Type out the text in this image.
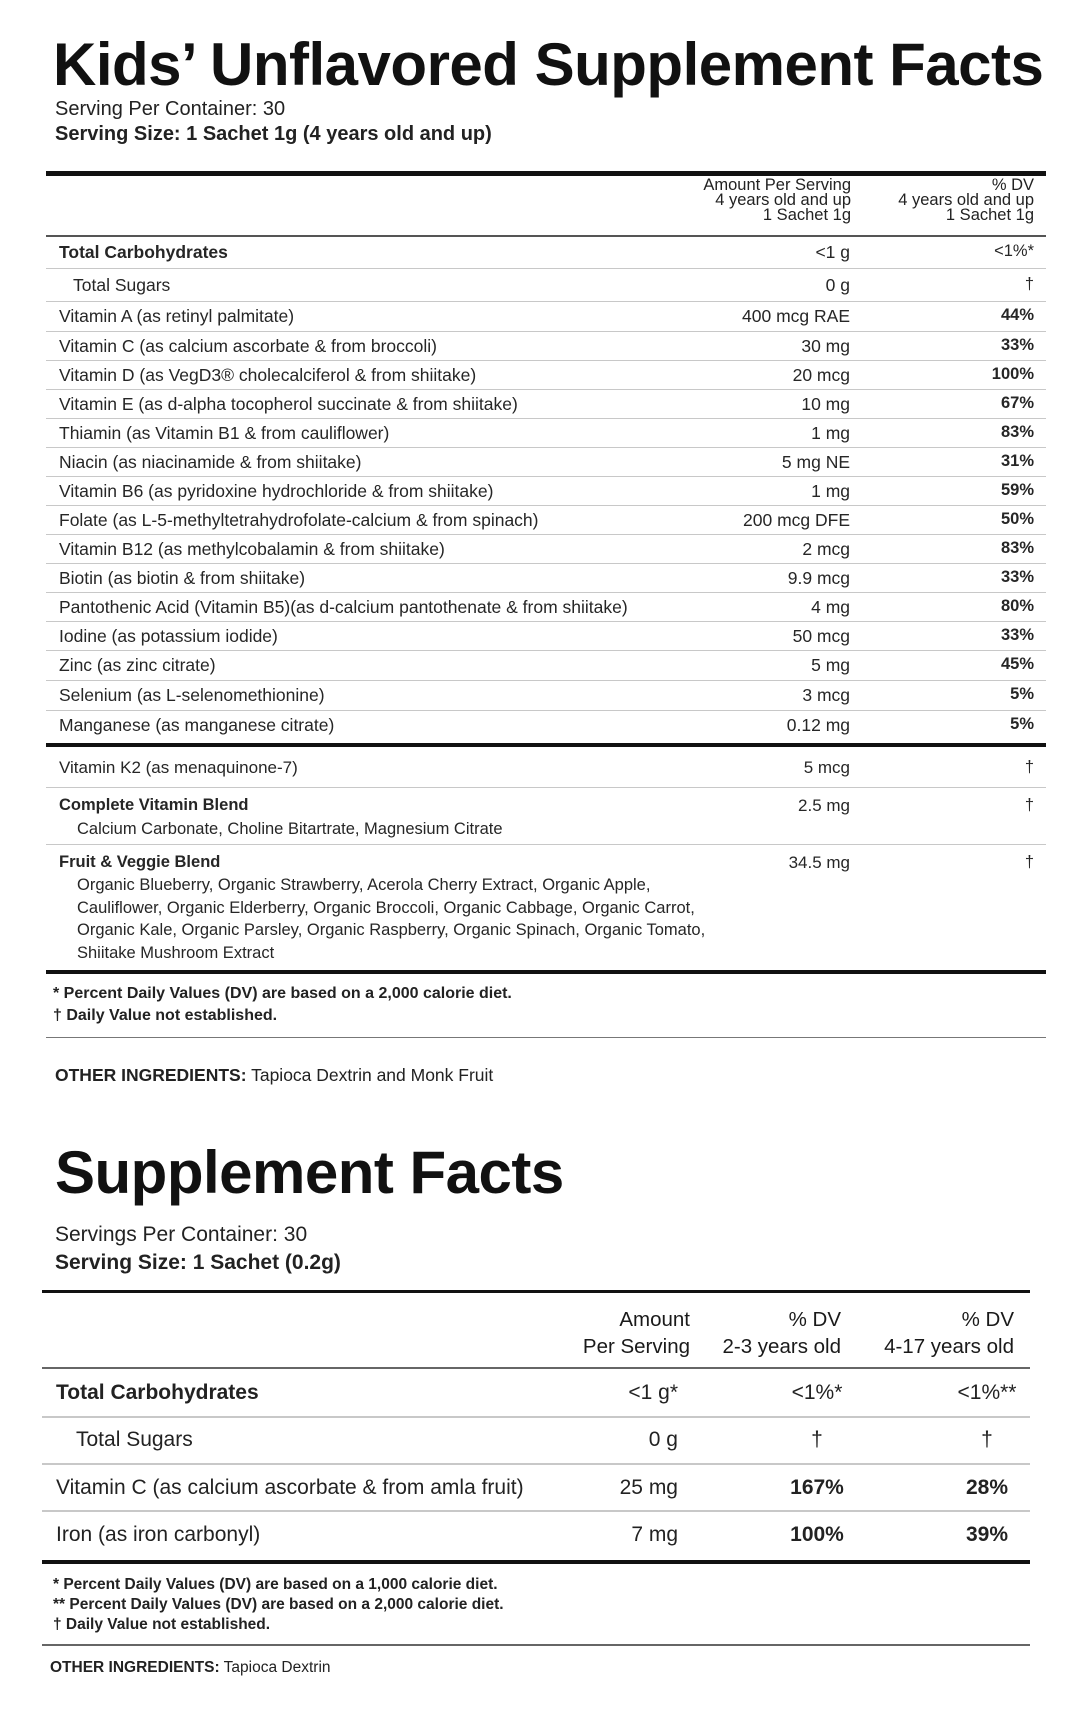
Kids’ Unflavored Supplement Facts
Serving Per Container: 30
Serving Size: 1 Sachet 1g (4 years old and up)
Amount Per Serving
4 years old and up
1 Sachet 1g
% DV
4 years old and up
1 Sachet 1g
Total Carbohydrates	<1 g	<1%*
Total Sugars	0 g	†
Vitamin A (as retinyl palmitate)	400 mcg RAE	44%
Vitamin C (as calcium ascorbate & from broccoli)	30 mg	33%
Vitamin D (as VegD3® cholecalciferol & from shiitake)	20 mcg	100%
Vitamin E (as d-alpha tocopherol succinate & from shiitake)	10 mg	67%
Thiamin (as Vitamin B1 & from cauliflower)	1 mg	83%
Niacin (as niacinamide & from shiitake)	5 mg NE	31%
Vitamin B6 (as pyridoxine hydrochloride & from shiitake)	1 mg	59%
Folate (as L-5-methyltetrahydrofolate-calcium & from spinach)	200 mcg DFE	50%
Vitamin B12 (as methylcobalamin & from shiitake)	2 mcg	83%
Biotin (as biotin & from shiitake)	9.9 mcg	33%
Pantothenic Acid (Vitamin B5)(as d-calcium pantothenate & from shiitake)	4 mg	80%
Iodine (as potassium iodide)	50 mcg	33%
Zinc (as zinc citrate)	5 mg	45%
Selenium (as L-selenomethionine)	3 mcg	5%
Manganese (as manganese citrate)	0.12 mg	5%
Vitamin K2 (as menaquinone-7)	5 mcg	†
Complete Vitamin Blend	2.5 mg	†
Calcium Carbonate, Choline Bitartrate, Magnesium Citrate
Fruit & Veggie Blend	34.5 mg	†
Organic Blueberry, Organic Strawberry, Acerola Cherry Extract, Organic Apple,
Cauliflower, Organic Elderberry, Organic Broccoli, Organic Cabbage, Organic Carrot,
Organic Kale, Organic Parsley, Organic Raspberry, Organic Spinach, Organic Tomato,
Shiitake Mushroom Extract
* Percent Daily Values (DV) are based on a 2,000 calorie diet.
† Daily Value not established.
OTHER INGREDIENTS: Tapioca Dextrin and Monk Fruit
Supplement Facts
Servings Per Container: 30
Serving Size: 1 Sachet (0.2g)
Amount
Per Serving
% DV
2-3 years old
% DV
4-17 years old
Total Carbohydrates	<1 g*	<1%*	<1%**
Total Sugars	0 g	†	†
Vitamin C (as calcium ascorbate & from amla fruit)	25 mg	167%	28%
Iron (as iron carbonyl)	7 mg	100%	39%
* Percent Daily Values (DV) are based on a 1,000 calorie diet.
** Percent Daily Values (DV) are based on a 2,000 calorie diet.
† Daily Value not established.
OTHER INGREDIENTS: Tapioca Dextrin
